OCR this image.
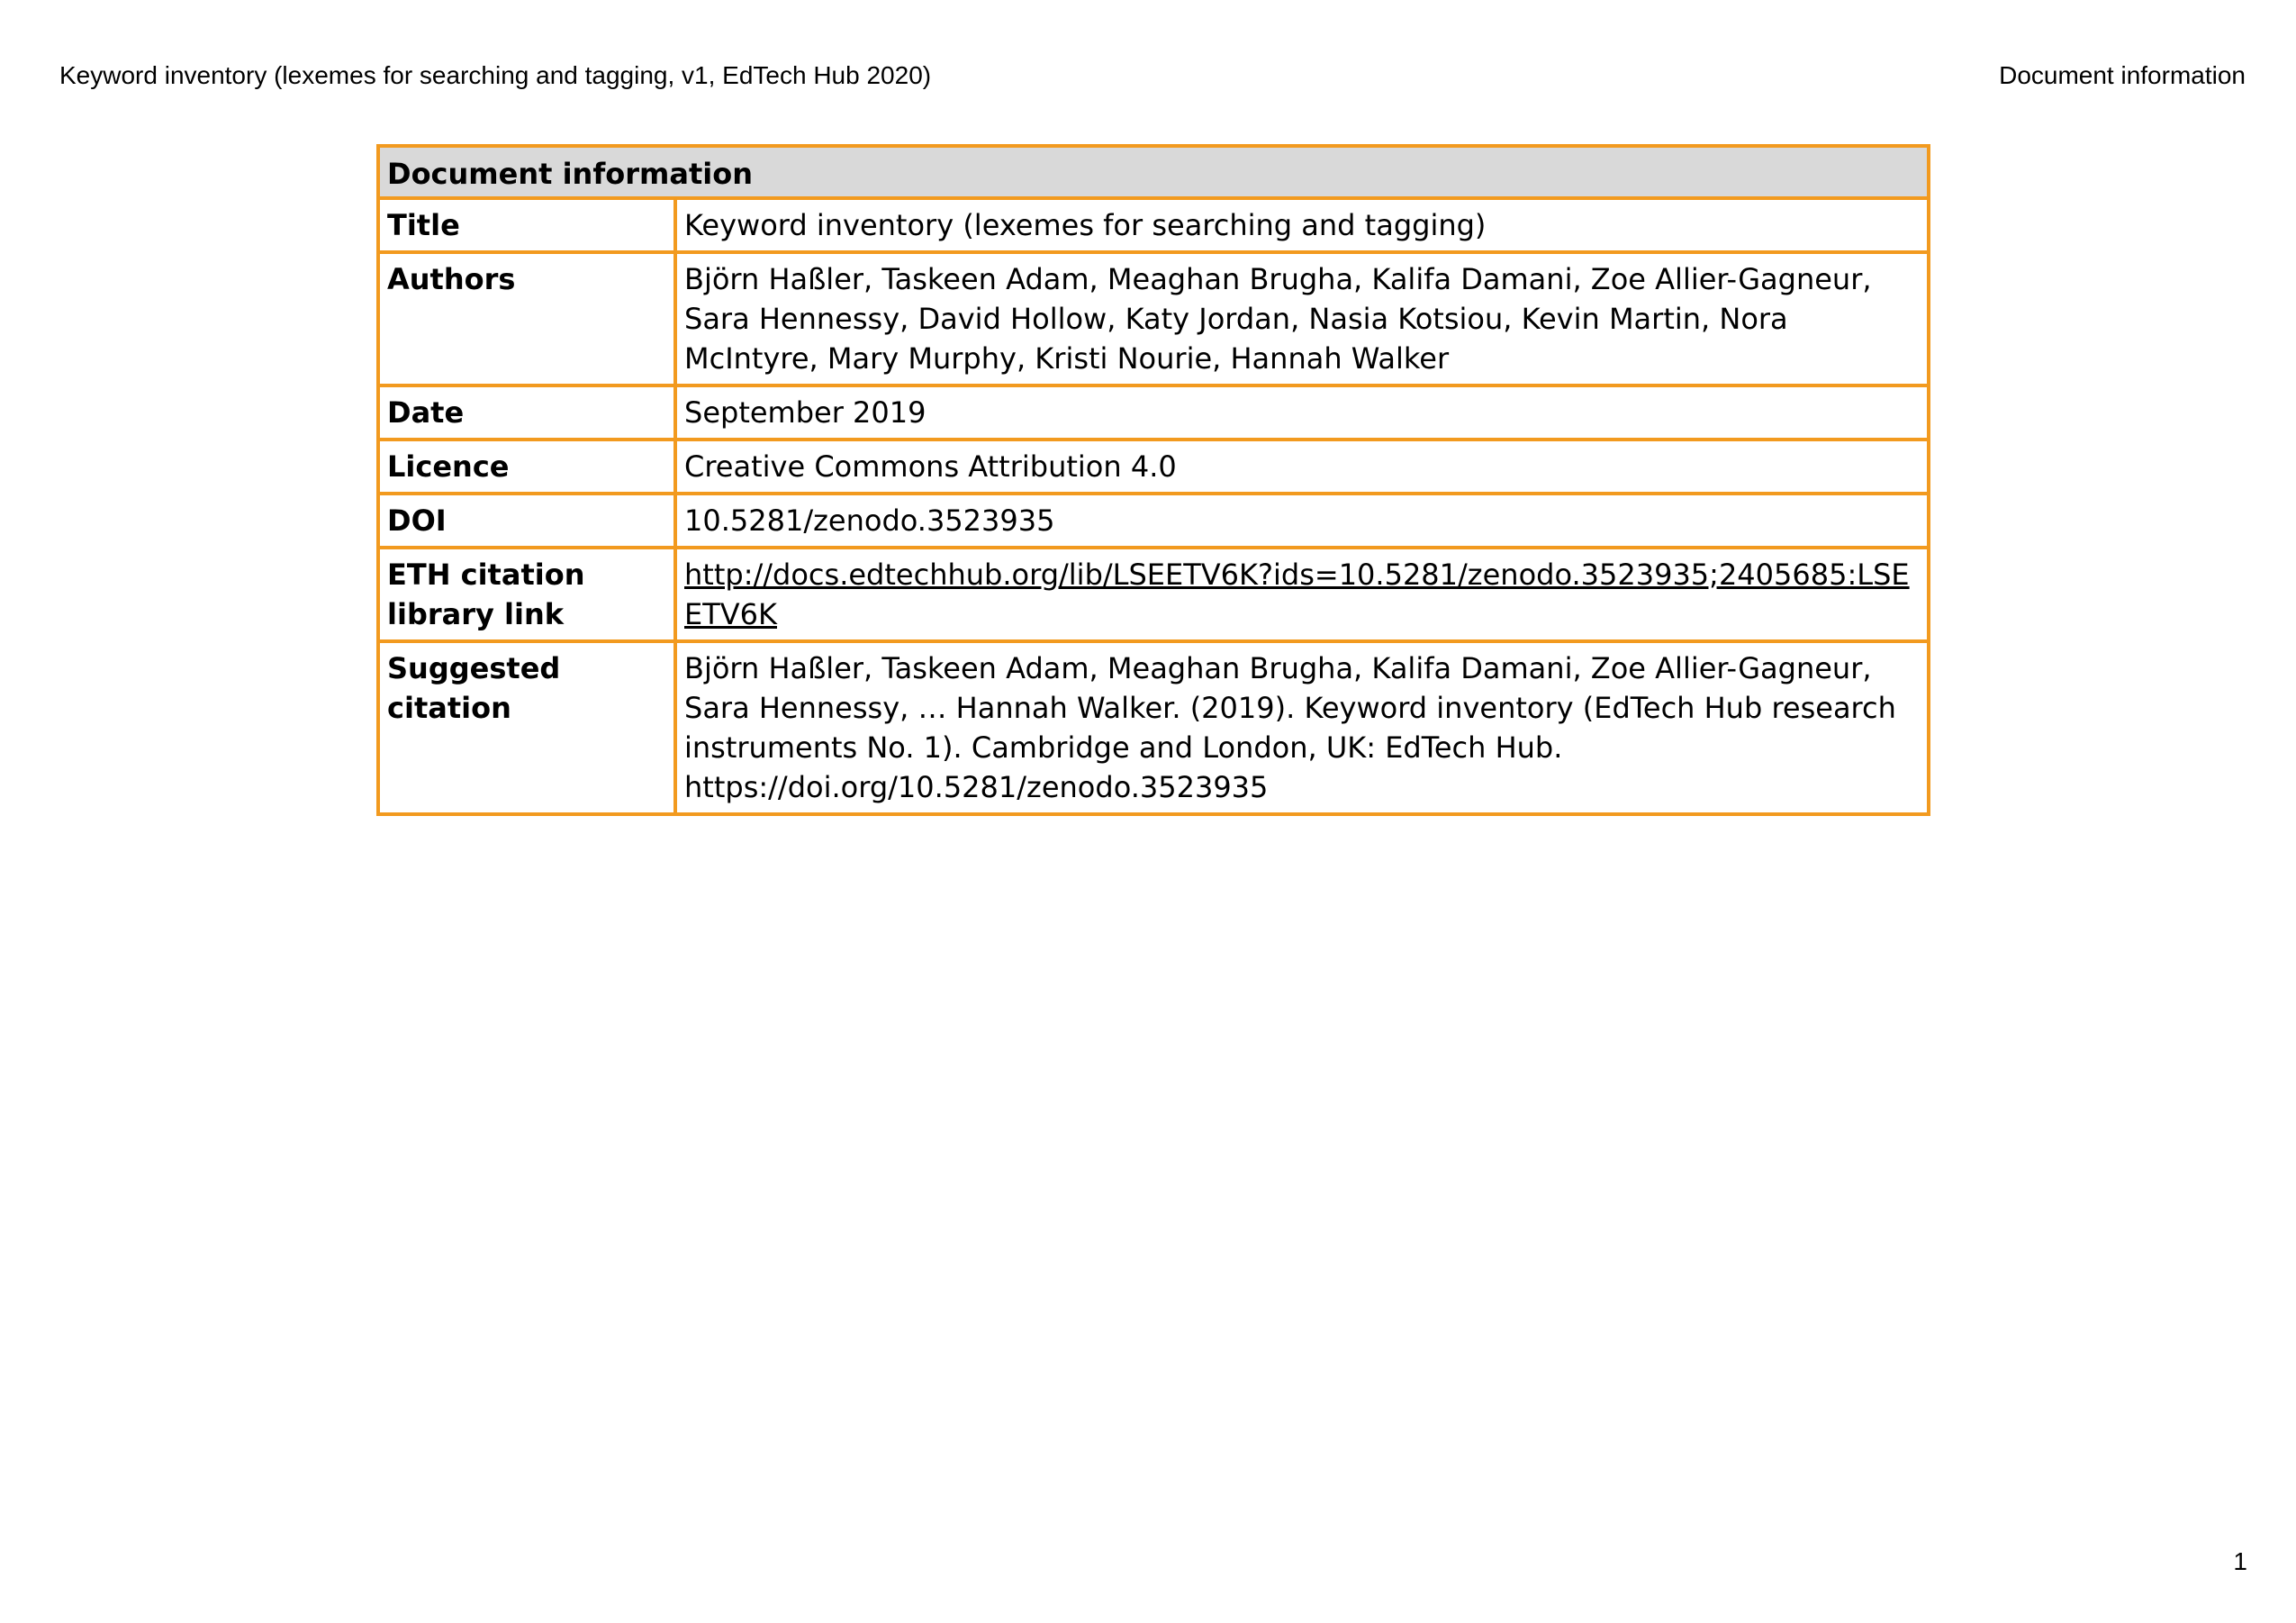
Keyword inventory (lexemes for searching and tagging, v1, EdTech Hub 2020)	Document information
Document information	
Title	Keyword inventory (lexemes for searching and tagging)
Authors	Björn Haßler, Taskeen Adam, Meaghan Brugha, Kalifa Damani, Zoe Allier-Gagneur, Sara Hennessy, David Hollow, Katy Jordan, Nasia Kotsiou, Kevin Martin, Nora McIntyre, Mary Murphy, Kristi Nourie, Hannah Walker
Date	September 2019
Licence	Creative Commons Attribution 4.0
DOI	10.5281/zenodo.3523935
ETH citation library link	http://docs.edtechhub.org/lib/LSEETV6K?ids=10.5281/zenodo.3523935;2405685:LSEETV6K
Suggested citation	Björn Haßler, Taskeen Adam, Meaghan Brugha, Kalifa Damani, Zoe Allier-Gagneur, Sara Hennessy, … Hannah Walker. (2019). Keyword inventory (EdTech Hub research instruments No. 1). Cambridge and London, UK: EdTech Hub. https://doi.org/10.5281/zenodo.3523935
1
